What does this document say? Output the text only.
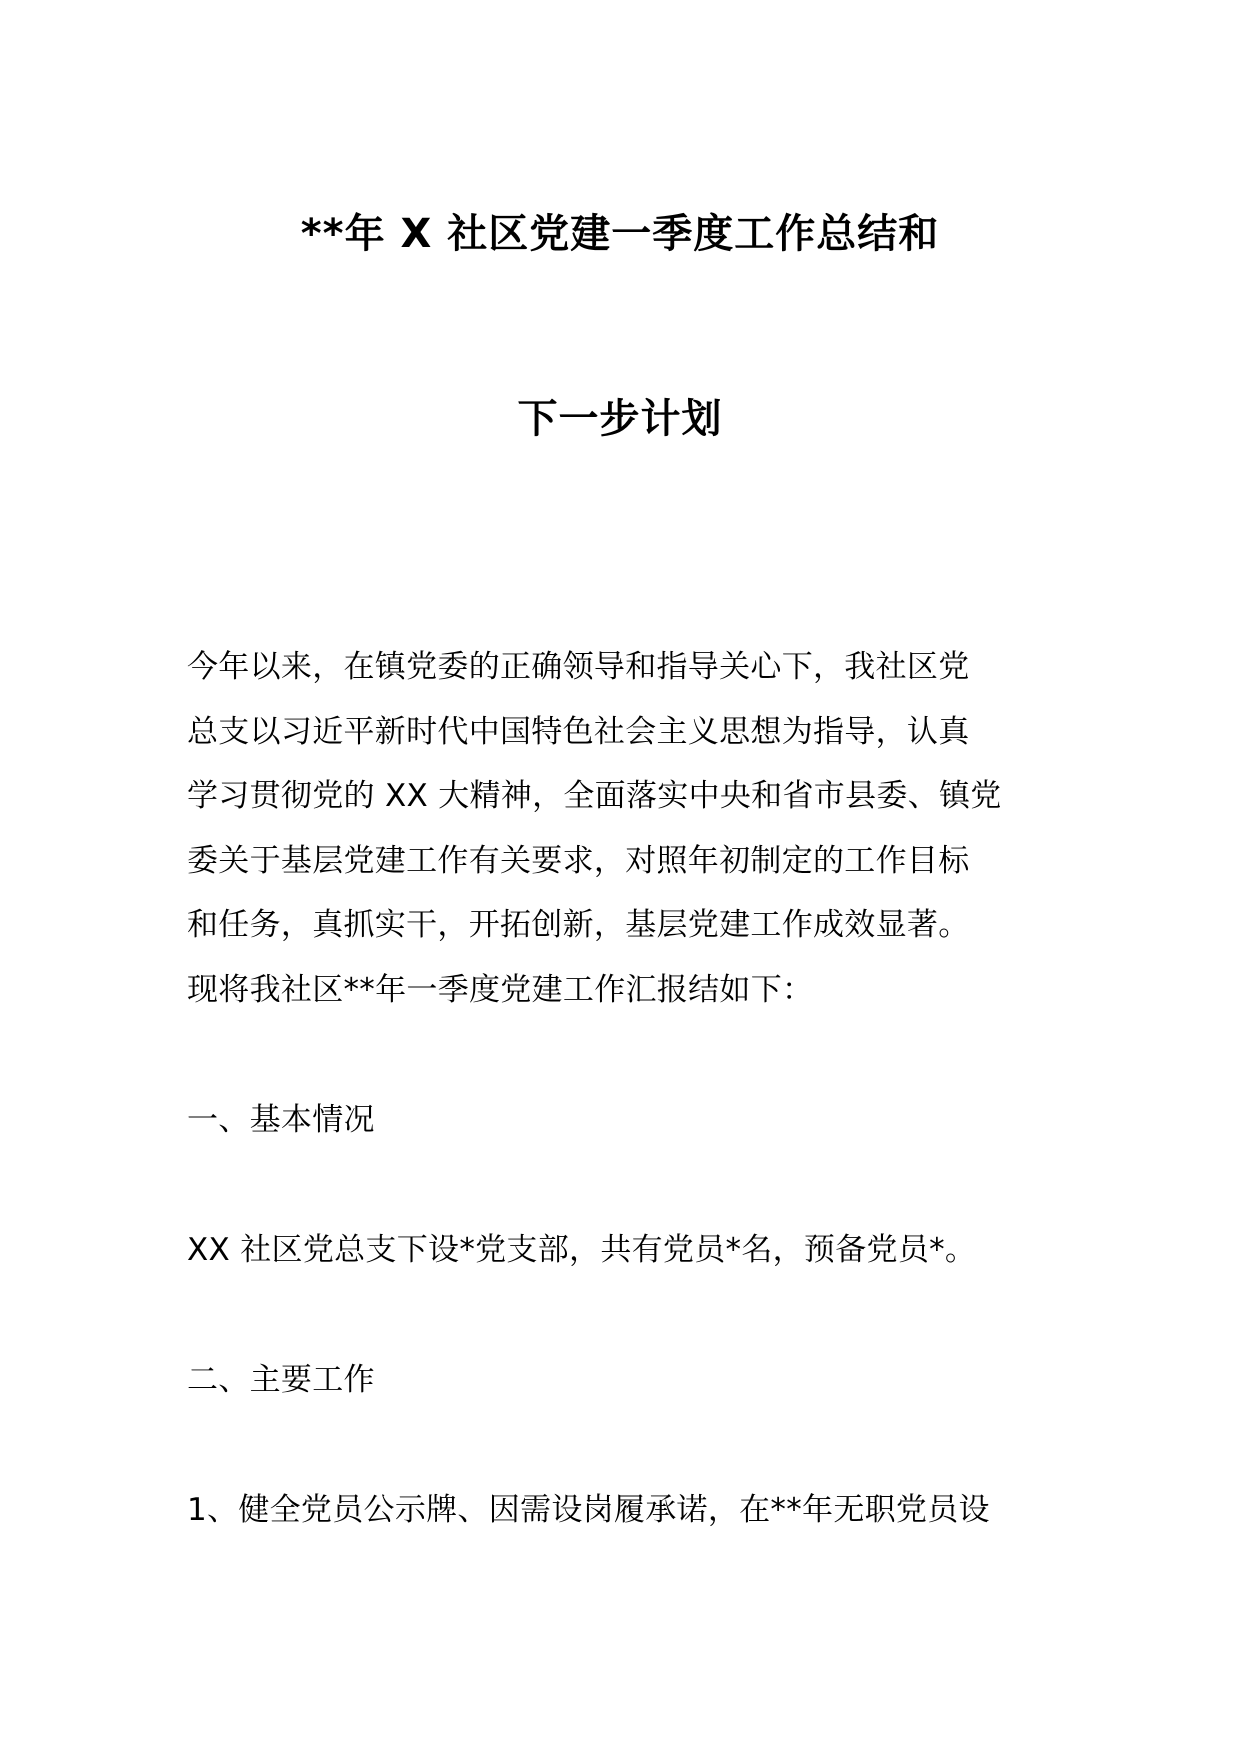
**年 X 社区党建一季度工作总结和
下一步计划
今年以来，在镇党委的正确领导和指导关心下，我社区党
总支以习近平新时代中国特色社会主义思想为指导，认真
学习贯彻党的 XX 大精神，全面落实中央和省市县委、镇党
委关于基层党建工作有关要求，对照年初制定的工作目标
和任务，真抓实干，开拓创新，基层党建工作成效显著。
现将我社区**年一季度党建工作汇报结如下：
一、基本情况
XX 社区党总支下设*党支部，共有党员*名，预备党员*。
二、主要工作
1、健全党员公示牌、因需设岗履承诺，在**年无职党员设
